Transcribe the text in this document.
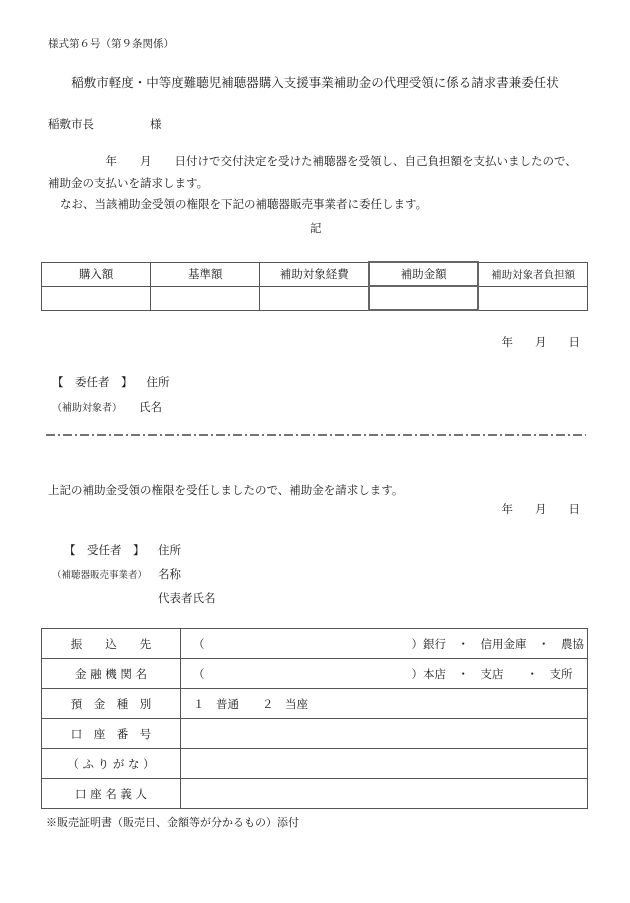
様式第６号（第９条関係）
稲敷市軽度・中等度難聴児補聴器購入支援事業補助金の代理受領に係る請求書兼委任状
稲敷市長	様
　　　　　年　　月　　日付けで交付決定を受けた補聴器を受領し、自己負担額を支払いましたので、
補助金の支払いを請求します。
なお、当該補助金受領の権限を下記の補聴器販売事業者に委任します。
記
購入額	基準額	補助対象経費	補助金額	補助対象者負担額

年 月 日
【　委任者　】 住所
（補助対象者） 氏名
上記の補助金受領の権限を受任しましたので、補助金を請求します。
年 月 日
【　受任者　】 住所
（補聴器販売事業者） 名称
代表者氏名
振　　込　　先	（　　　　　　　　　　　　　　　　　　）銀行　・　信用金庫　・　農協
金 融 機 関 名	（　　　　　　　　　　　　　　　　　　）本店　・　支店　　・　支所
預　金　種　別	１　普通　　２　当座
口　座　番　号	
（ ふ り が な ）	
口 座 名 義 人	
※販売証明書（販売日、金額等が分かるもの）添付
